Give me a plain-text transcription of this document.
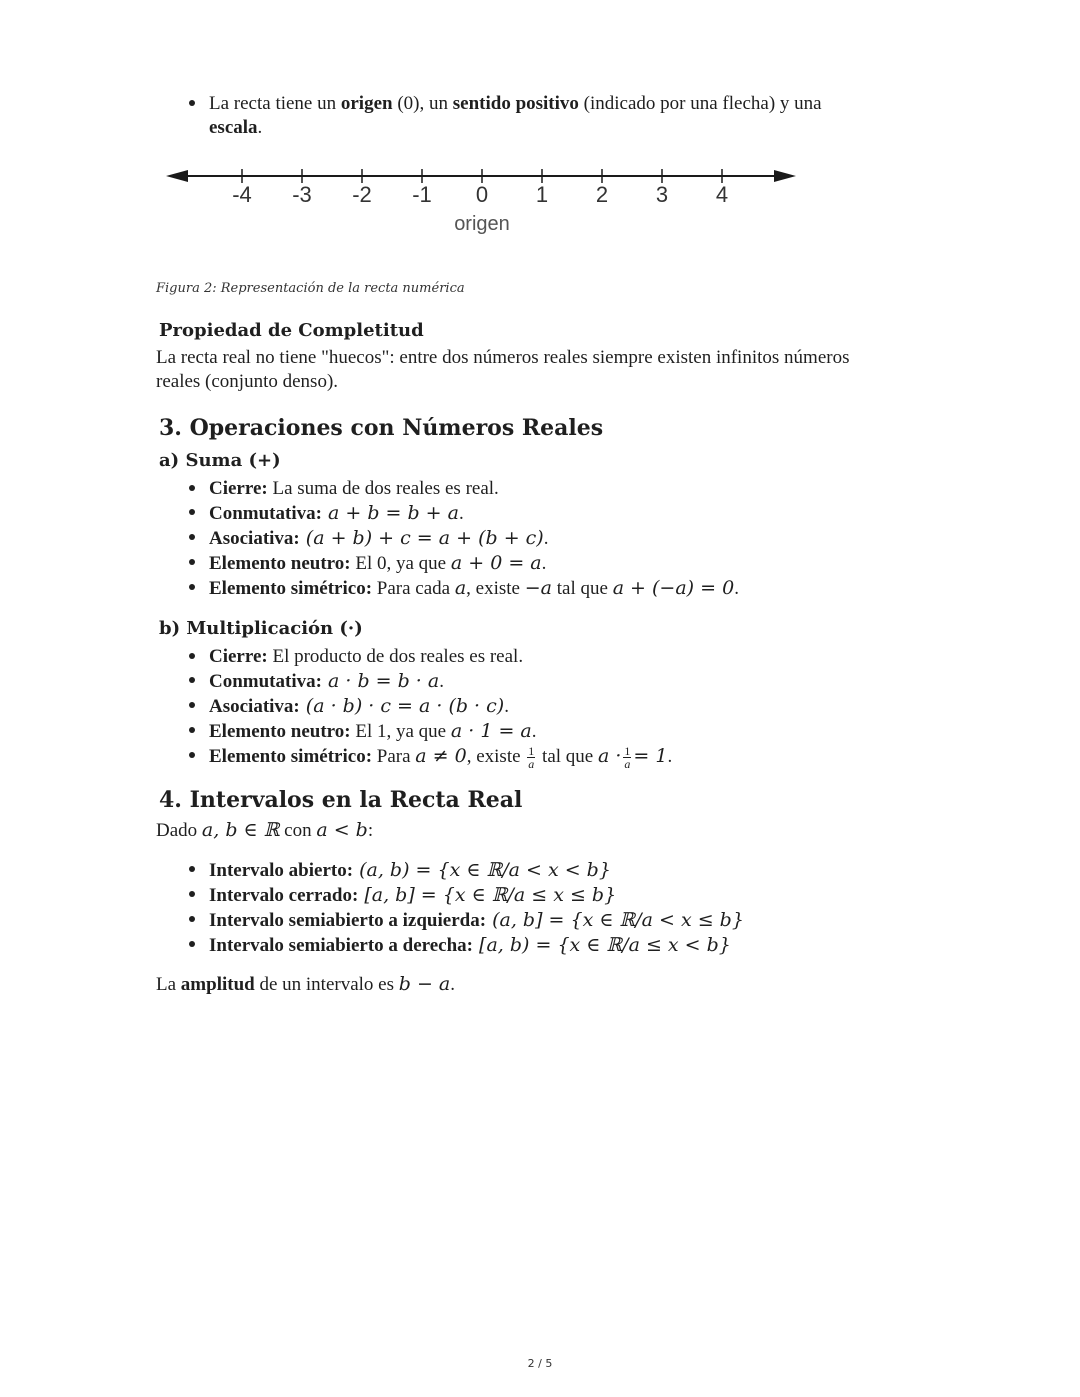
La recta tiene un origen (0), un sentido positivo (indicado por una flecha) y una
escala.
-4 -3 -2 -1 0 1 2 3 4
origen
Figura 2: Representación de la recta numérica
Propiedad de Completitud
La recta real no tiene "huecos": entre dos números reales siempre existen infinitos números
reales (conjunto denso).
3. Operaciones con Números Reales
a) Suma (+)
Cierre: La suma de dos reales es real.
Conmutativa: a + b = b + a.
Asociativa: (a + b) + c = a + (b + c).
Elemento neutro: El 0, ya que a + 0 = a.
Elemento simétrico: Para cada a, existe −a tal que a + (−a) = 0.
b) Multiplicación (·)
Cierre: El producto de dos reales es real.
Conmutativa: a · b = b · a.
Asociativa: (a · b) · c = a · (b · c).
Elemento neutro: El 1, ya que a · 1 = a.
Elemento simétrico: Para a ≠ 0, existe $\frac{1}{a}$ tal que $a \cdot \frac{1}{a} = 1$.
4. Intervalos en la Recta Real
Dado a, b ∈ ℝ con a < b:
Intervalo abierto: (a, b) = {x ∈ ℝ/a < x < b}
Intervalo cerrado: [a, b] = {x ∈ ℝ/a ≤ x ≤ b}
Intervalo semiabierto a izquierda: (a, b] = {x ∈ ℝ/a < x ≤ b}
Intervalo semiabierto a derecha: [a, b) = {x ∈ ℝ/a ≤ x < b}
La amplitud de un intervalo es b − a.
2 / 5
